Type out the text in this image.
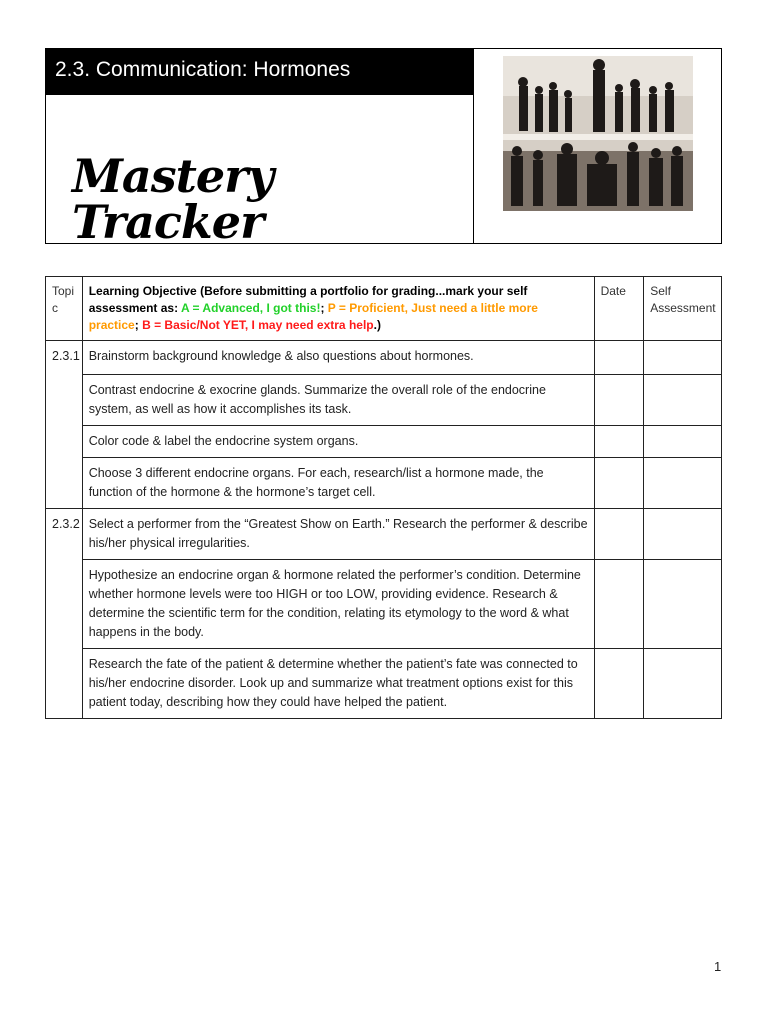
2.3. Communication: Hormones
Mastery Tracker
Topi c	Learning Objective (Before submitting a portfolio for grading...mark your self assessment as: A = Advanced, I got this!; P = Proficient, Just need a little more practice; B = Basic/Not YET, I may need extra help.)	Date	Self Assessment
2.3.1	Brainstorm background knowledge & also questions about hormones.		
	Contrast endocrine & exocrine glands. Summarize the overall role of the endocrine system, as well as how it accomplishes its task.		
	Color code & label the endocrine system organs.		
	Choose 3 different endocrine organs. For each, research/list a hormone made, the function of the hormone & the hormone’s target cell.		
2.3.2	Select a performer from the “Greatest Show on Earth.” Research the performer & describe his/her physical irregularities.		
	Hypothesize an endocrine organ & hormone related the performer’s condition. Determine whether hormone levels were too HIGH or too LOW, providing evidence. Research & determine the scientific term for the condition, relating its etymology to the word & what happens in the body.		
	Research the fate of the patient & determine whether the patient’s fate was connected to his/her endocrine disorder. Look up and summarize what treatment options exist for this patient today, describing how they could have helped the patient.		
1
